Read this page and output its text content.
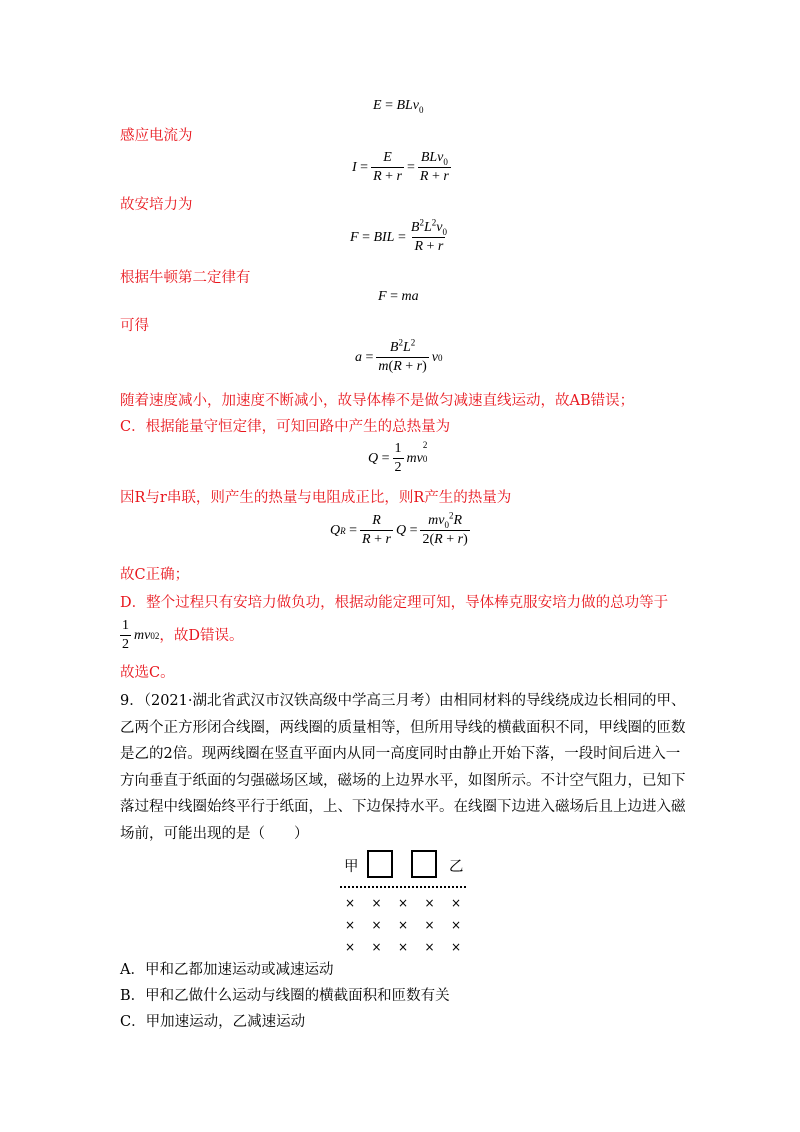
E = BLv$_0$
感应电流为
I
= $\frac{E}{R + r} = \frac{BLv_0}{R + r}$
故安培力为
F
=
BIL
= $\frac{B^2L^2v_0}{R + r}$
根据牛顿第二定律有
F = ma
可得
a
= $\frac{B^2L^2}{m(R + r)}$ v 0
随着速度减小，加速度不断减小，故导体棒不是做匀减速直线运动，故AB错误；
C．根据能量守恒定律，可知回路中产生的总热量为
Q
= $\frac{1}{2}$ mv
2
0
因R与r串联，则产生的热量与电阻成正比，则R产生的热量为
Q R
= $\frac{R}{R + r}$ Q
= $\frac{mv_0^2R}{2(R + r)}$
故C正确；
D．整个过程只有安培力做负功，根据动能定理可知，导体棒克服安培力做的总功等于
$\frac{1}{2}$ mv 0 2 ，故D错误。
故选C。
9．（2021·湖北省武汉市汉铁高级中学高三月考）由相同材料的导线绕成边长相同的甲、
乙两个正方形闭合线圈，两线圈的质量相等，但所用导线的横截面积不同，甲线圈的匝数
是乙的2倍。现两线圈在竖直平面内从同一高度同时由静止开始下落，一段时间后进入一
方向垂直于纸面的匀强磁场区域，磁场的上边界水平，如图所示。不计空气阻力，已知下
落过程中线圈始终平行于纸面，上、下边保持水平。在线圈下边进入磁场后且上边进入磁
场前，可能出现的是（　　）
甲	乙
× × × × ×
× × × × ×
× × × × ×
A．甲和乙都加速运动或减速运动
B．甲和乙做什么运动与线圈的横截面积和匝数有关
C．甲加速运动，乙减速运动
